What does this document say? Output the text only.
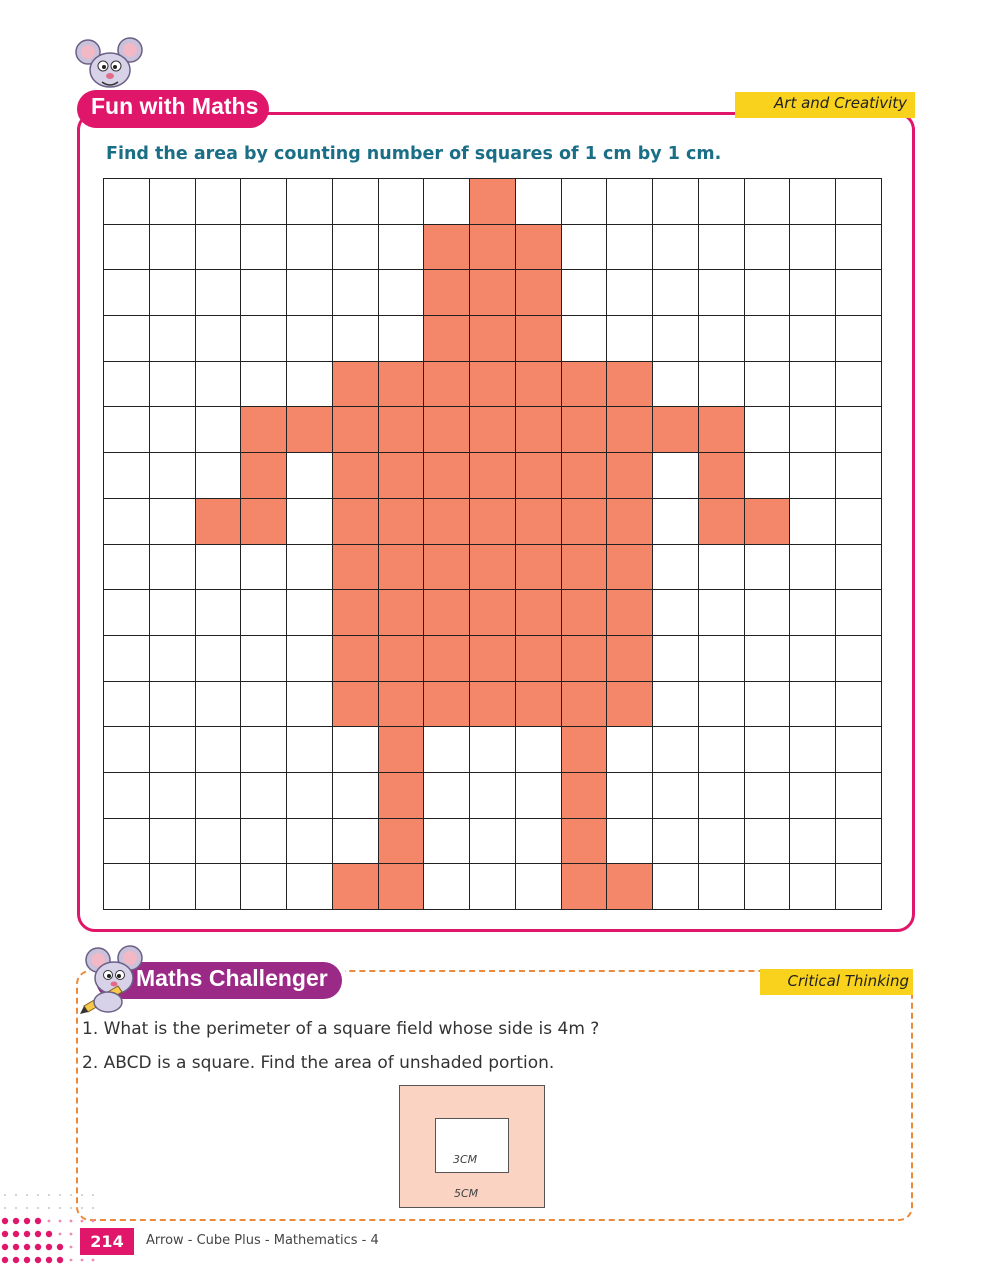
Fun with Maths	Art and Creativity
Find the area by counting number of squares of 1 cm by 1 cm.
Maths Challenger	Critical Thinking
1. What is the perimeter of a square field whose side is 4m ?
2. ABCD is a square. Find the area of unshaded portion.
3CM
5CM
214	Arrow - Cube Plus - Mathematics - 4
